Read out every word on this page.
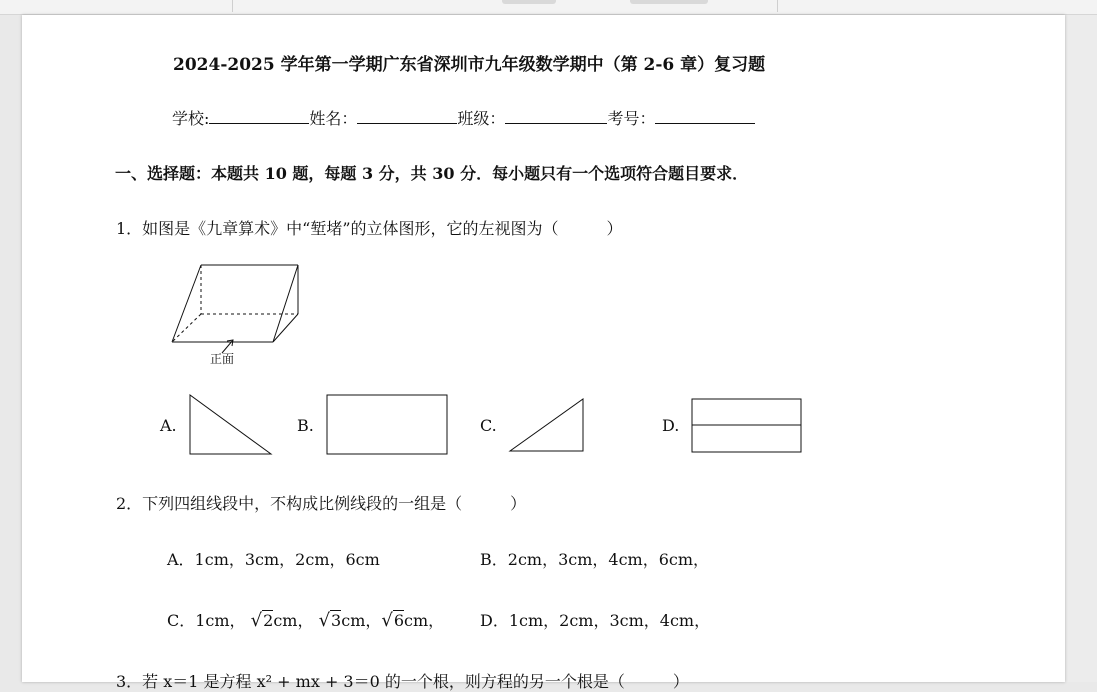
2024-2025 学年第一学期广东省深圳市九年级数学期中（第 2-6 章）复习题
学校:	姓名：	班级：	考号：
一、选择题：本题共 10 题，每题 3 分，共 30 分．每小题只有一个选项符合题目要求．
1．如图是《九章算术》中“堑堵”的立体图形，它的左视图为（　　　）
正面
A.	B.	C.	D.
2．下列四组线段中，不构成比例线段的一组是（　　　）
A．1cm，3cm，2cm，6cm	B．2cm，3cm，4cm，6cm，
C．1cm， √2cm， √3cm，√6cm， D．1cm，2cm，3cm，4cm，
3．若 x＝1 是方程 x² + mx + 3＝0 的一个根，则方程的另一个根是（　　　）
